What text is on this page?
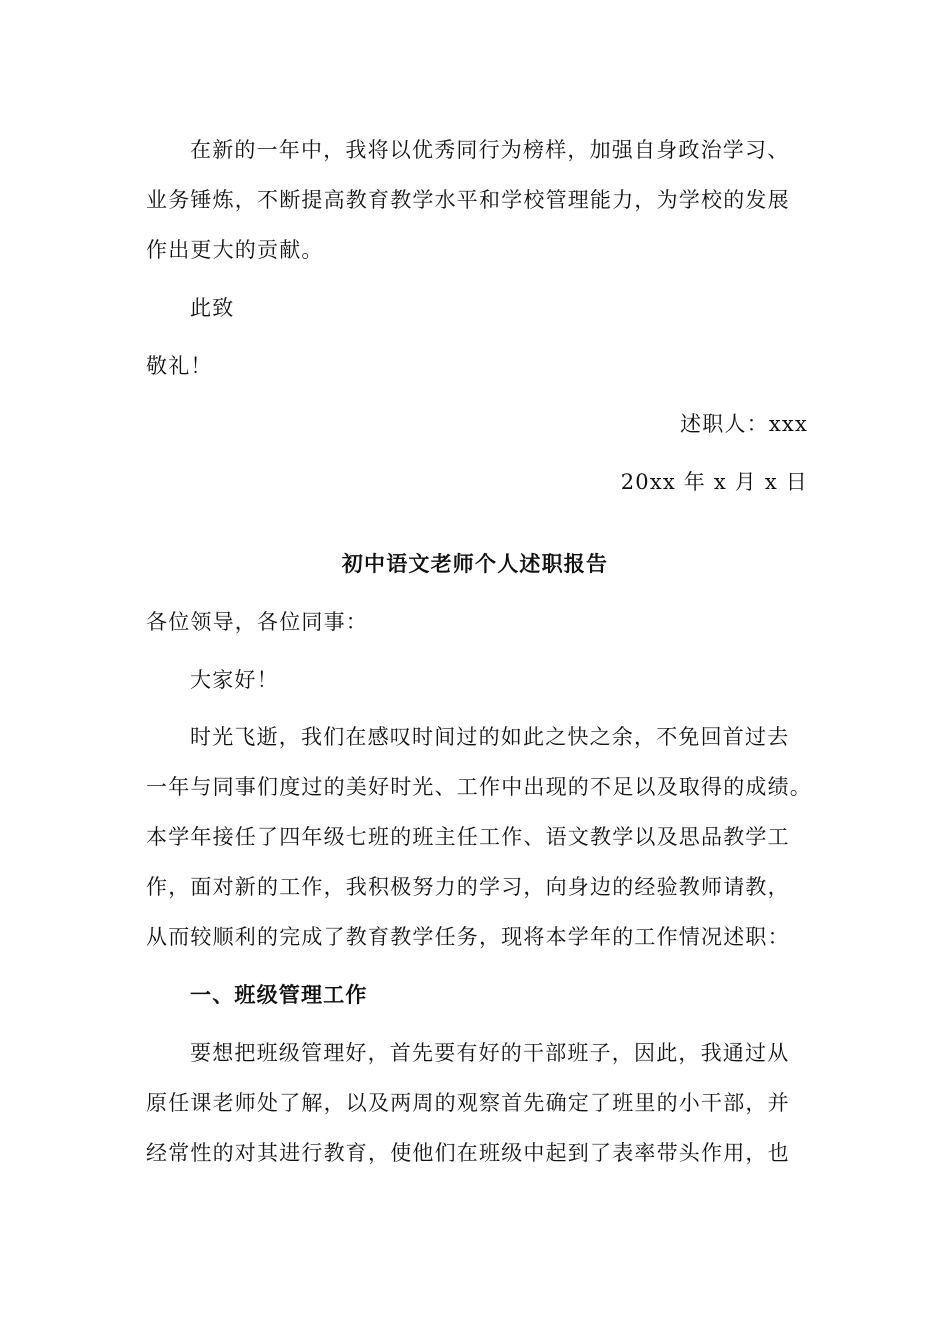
在新的一年中，我将以优秀同行为榜样，加强自身政治学习、
业务锤炼，不断提高教育教学水平和学校管理能力，为学校的发展
作出更大的贡献。
此致
敬礼！
述职人：xxx
20xx 年 x 月 x 日
初中语文老师个人述职报告
各位领导，各位同事：
大家好！
时光飞逝，我们在感叹时间过的如此之快之余，不免回首过去
一年与同事们度过的美好时光、工作中出现的不足以及取得的成绩。
本学年接任了四年级七班的班主任工作、语文教学以及思品教学工
作，面对新的工作，我积极努力的学习，向身边的经验教师请教，
从而较顺利的完成了教育教学任务，现将本学年的工作情况述职：
一、班级管理工作
要想把班级管理好，首先要有好的干部班子，因此，我通过从
原任课老师处了解，以及两周的观察首先确定了班里的小干部，并
经常性的对其进行教育，使他们在班级中起到了表率带头作用，也
